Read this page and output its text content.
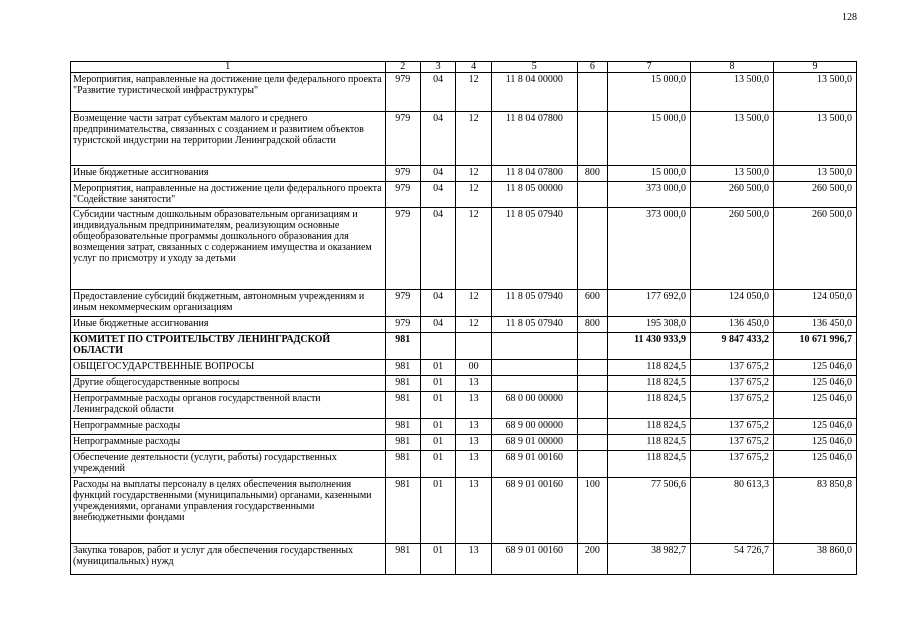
128
1	2	3	4	5	6	7	8	9
Мероприятия, направленные на достижение цели федерального проекта "Развитие туристической инфраструктуры"	979	04	12	11 8 04 00000		15 000,0	13 500,0	13 500,0
Возмещение части затрат субъектам малого и среднего предпринимательства, связанных с созданием и развитием объектов туристской индустрии на территории Ленинградской области	979	04	12	11 8 04 07800		15 000,0	13 500,0	13 500,0
Иные бюджетные ассигнования	979	04	12	11 8 04 07800	800	15 000,0	13 500,0	13 500,0
Мероприятия, направленные на достижение цели федерального проекта "Содействие занятости"	979	04	12	11 8 05 00000		373 000,0	260 500,0	260 500,0
Субсидии частным дошкольным образовательным организациям и индивидуальным предпринимателям, реализующим основные общеобразовательные программы дошкольного образования для возмещения затрат, связанных с содержанием имущества и оказанием услуг по присмотру и уходу за детьми	979	04	12	11 8 05 07940		373 000,0	260 500,0	260 500,0
Предоставление субсидий бюджетным, автономным учреждениям и иным некоммерческим организациям	979	04	12	11 8 05 07940	600	177 692,0	124 050,0	124 050,0
Иные бюджетные ассигнования	979	04	12	11 8 05 07940	800	195 308,0	136 450,0	136 450,0
КОМИТЕТ ПО СТРОИТЕЛЬСТВУ ЛЕНИНГРАДСКОЙ ОБЛАСТИ	981					11 430 933,9	9 847 433,2	10 671 996,7
ОБЩЕГОСУДАРСТВЕННЫЕ ВОПРОСЫ	981	01	00			118 824,5	137 675,2	125 046,0
Другие общегосударственные вопросы	981	01	13			118 824,5	137 675,2	125 046,0
Непрограммные расходы органов государственной власти Ленинградской области	981	01	13	68 0 00 00000		118 824,5	137 675,2	125 046,0
Непрограммные расходы	981	01	13	68 9 00 00000		118 824,5	137 675,2	125 046,0
Непрограммные расходы	981	01	13	68 9 01 00000		118 824,5	137 675,2	125 046,0
Обеспечение деятельности (услуги, работы) государственных учреждений	981	01	13	68 9 01 00160		118 824,5	137 675,2	125 046,0
Расходы на выплаты персоналу в целях обеспечения выполнения функций государственными (муниципальными) органами, казенными учреждениями, органами управления государственными внебюджетными фондами	981	01	13	68 9 01 00160	100	77 506,6	80 613,3	83 850,8
Закупка товаров, работ и услуг для обеспечения государственных (муниципальных) нужд	981	01	13	68 9 01 00160	200	38 982,7	54 726,7	38 860,0
